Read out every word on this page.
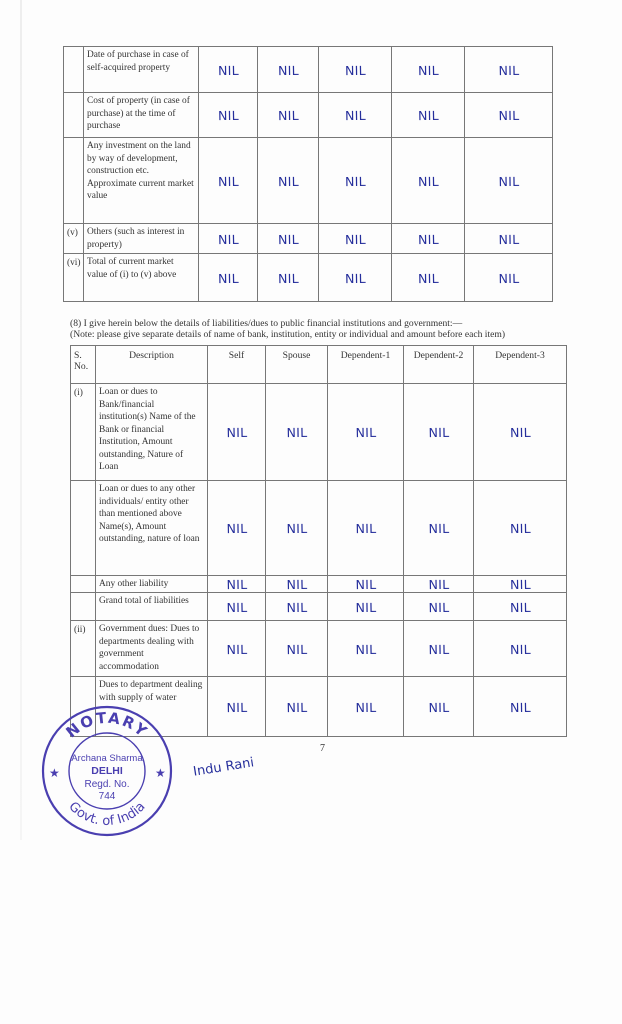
	Date of purchase in case of self-acquired property	NIL	NIL	NIL	NIL	NIL
	Cost of property (in case of purchase) at the time of purchase	NIL	NIL	NIL	NIL	NIL
	Any investment on the land by way of development, construction etc. Approximate current market value	NIL	NIL	NIL	NIL	NIL
(v)	Others (such as interest in property)	NIL	NIL	NIL	NIL	NIL
(vi)	Total of current market value of (i) to (v) above	NIL	NIL	NIL	NIL	NIL
(8) I give herein below the details of liabilities/dues to public financial institutions and government:—
(Note: please give separate details of name of bank, institution, entity or individual and amount before each item)
S. No.	Description	Self	Spouse	Dependent-1	Dependent-2	Dependent-3
(i)	Loan or dues to Bank/financial institution(s) Name of the Bank or financial Institution, Amount outstanding, Nature of Loan	NIL	NIL	NIL	NIL	NIL
	Loan or dues to any other individuals/ entity other than mentioned above Name(s), Amount outstanding, nature of loan	NIL	NIL	NIL	NIL	NIL
	Any other liability	NIL	NIL	NIL	NIL	NIL
	Grand total of liabilities	NIL	NIL	NIL	NIL	NIL
(ii)	Government dues: Dues to departments dealing with government accommodation	NIL	NIL	NIL	NIL	NIL
	Dues to department dealing with supply of water	NIL	NIL	NIL	NIL	NIL
7
Indu Rani
NOTARY
Govt. of India
★	★
Archana Sharma
DELHI
Regd. No.
744
